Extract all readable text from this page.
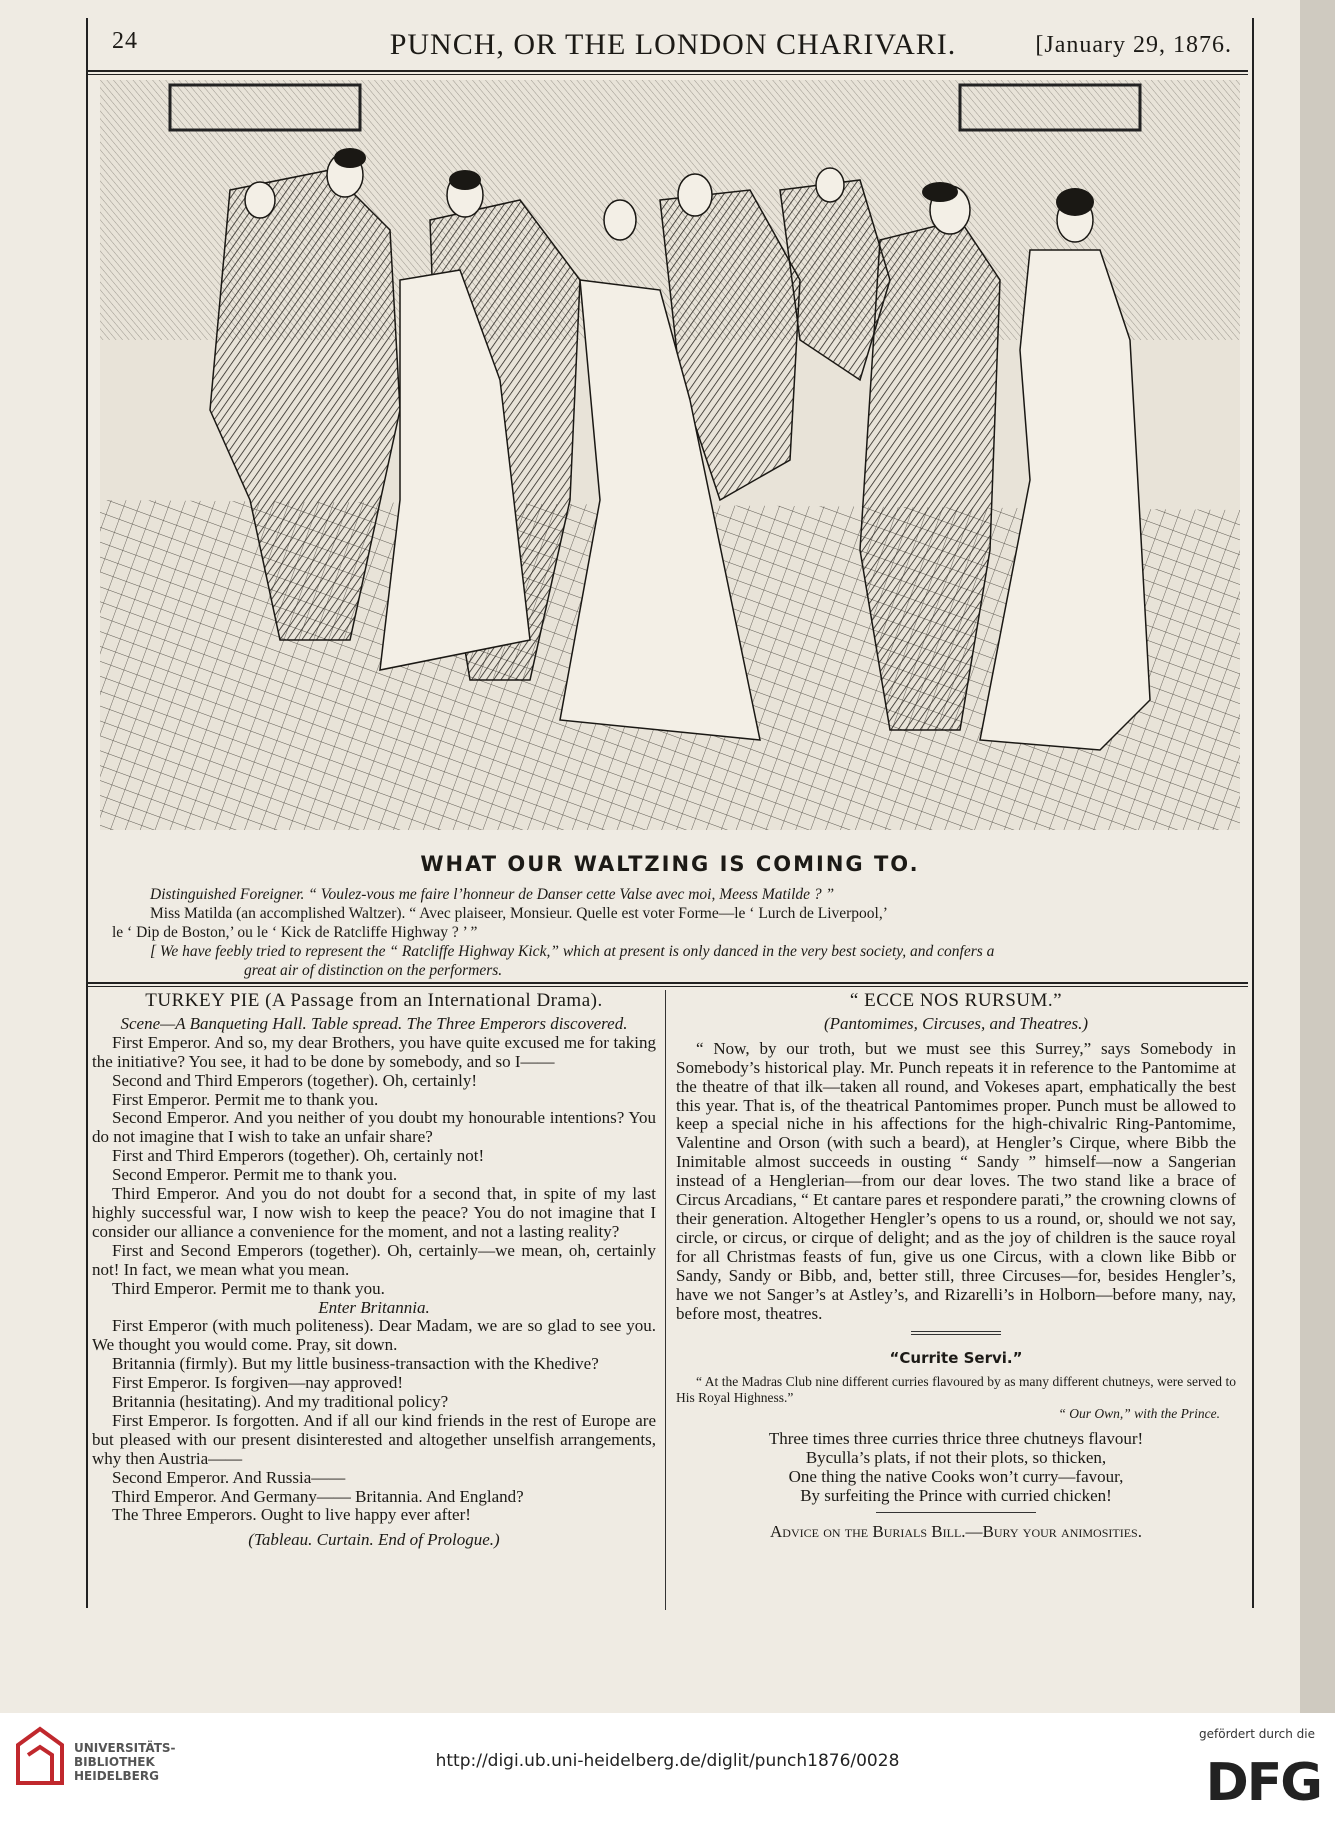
24	PUNCH, OR THE LONDON CHARIVARI.	[January 29, 1876.
WHAT OUR WALTZING IS COMING TO.

Distinguished Foreigner. “ Voulez-vous me faire l’honneur de Danser cette Valse avec moi, Meess Matilde ? ”

Miss Matilda (an accomplished Waltzer). “ Avec plaiseer, Monsieur. Quelle est voter Forme—le ‘ Lurch de Liverpool,’

le ‘ Dip de Boston,’ ou le ‘ Kick de Ratcliffe Highway ? ’ ”

[ We have feebly tried to represent the “ Ratcliffe Highway Kick,” which at present is only danced in the very best society, and confers a

great air of distinction on the performers.

TURKEY PIE (A Passage from an International Drama).

Scene—A Banqueting Hall. Table spread. The Three Emperors discovered.

First Emperor. And so, my dear Brothers, you have quite excused me for taking the initiative? You see, it had to be done by somebody, and so I——

Second and Third Emperors (together). Oh, certainly!

First Emperor. Permit me to thank you.

Second Emperor. And you neither of you doubt my honourable intentions? You do not imagine that I wish to take an unfair share?

First and Third Emperors (together). Oh, certainly not!

Second Emperor. Permit me to thank you.

Third Emperor. And you do not doubt for a second that, in spite of my last highly successful war, I now wish to keep the peace? You do not imagine that I consider our alliance a convenience for the moment, and not a lasting reality?

First and Second Emperors (together). Oh, certainly—we mean, oh, certainly not! In fact, we mean what you mean.

Third Emperor. Permit me to thank you.

Enter Britannia.

First Emperor (with much politeness). Dear Madam, we are so glad to see you. We thought you would come. Pray, sit down.

Britannia (firmly). But my little business-transaction with the Khedive?

First Emperor. Is forgiven—nay approved!

Britannia (hesitating). And my traditional policy?

First Emperor. Is forgotten. And if all our kind friends in the rest of Europe are but pleased with our present disinterested and altogether unselfish arrangements, why then Austria——

Second Emperor. And Russia——

Third Emperor. And Germany—— Britannia. And England?

The Three Emperors. Ought to live happy ever after!

(Tableau. Curtain. End of Prologue.)

“ ECCE NOS RURSUM.”

(Pantomimes, Circuses, and Theatres.)

“ Now, by our troth, but we must see this Surrey,” says Somebody in Somebody’s historical play. Mr. Punch repeats it in reference to the Pantomime at the theatre of that ilk—taken all round, and Vokeses apart, emphatically the best this year. That is, of the theatrical Pantomimes proper. Punch must be allowed to keep a special niche in his affections for the high-chivalric Ring-Pantomime, Valentine and Orson (with such a beard), at Hengler’s Cirque, where Bibb the Inimitable almost succeeds in ousting “ Sandy ” himself—now a Sangerian instead of a Henglerian—from our dear loves. The two stand like a brace of Circus Arcadians, “ Et cantare pares et respondere parati,” the crowning clowns of their generation. Altogether Hengler’s opens to us a round, or, should we not say, circle, or circus, or cirque of delight; and as the joy of children is the sauce royal for all Christmas feasts of fun, give us one Circus, with a clown like Bibb or Sandy, Sandy or Bibb, and, better still, three Circuses—for, besides Hengler’s, have we not Sanger’s at Astley’s, and Rizarelli’s in Holborn—before many, nay, before most, theatres.

“Currite Servi.”

“ At the Madras Club nine different curries flavoured by as many different chutneys, were served to His Royal Highness.”

“ Our Own,” with the Prince.

Three times three curries thrice three chutneys flavour!

Byculla’s plats, if not their plots, so thicken,

One thing the native Cooks won’t curry—favour,

By surfeiting the Prince with curried chicken!

Advice on the Burials Bill.—Bury your animosities.

UNIVERSITÄTS-
BIBLIOTHEK
HEIDELBERG
http://digi.ub.uni-heidelberg.de/diglit/punch1876/0028
gefördert durch die
DFG
